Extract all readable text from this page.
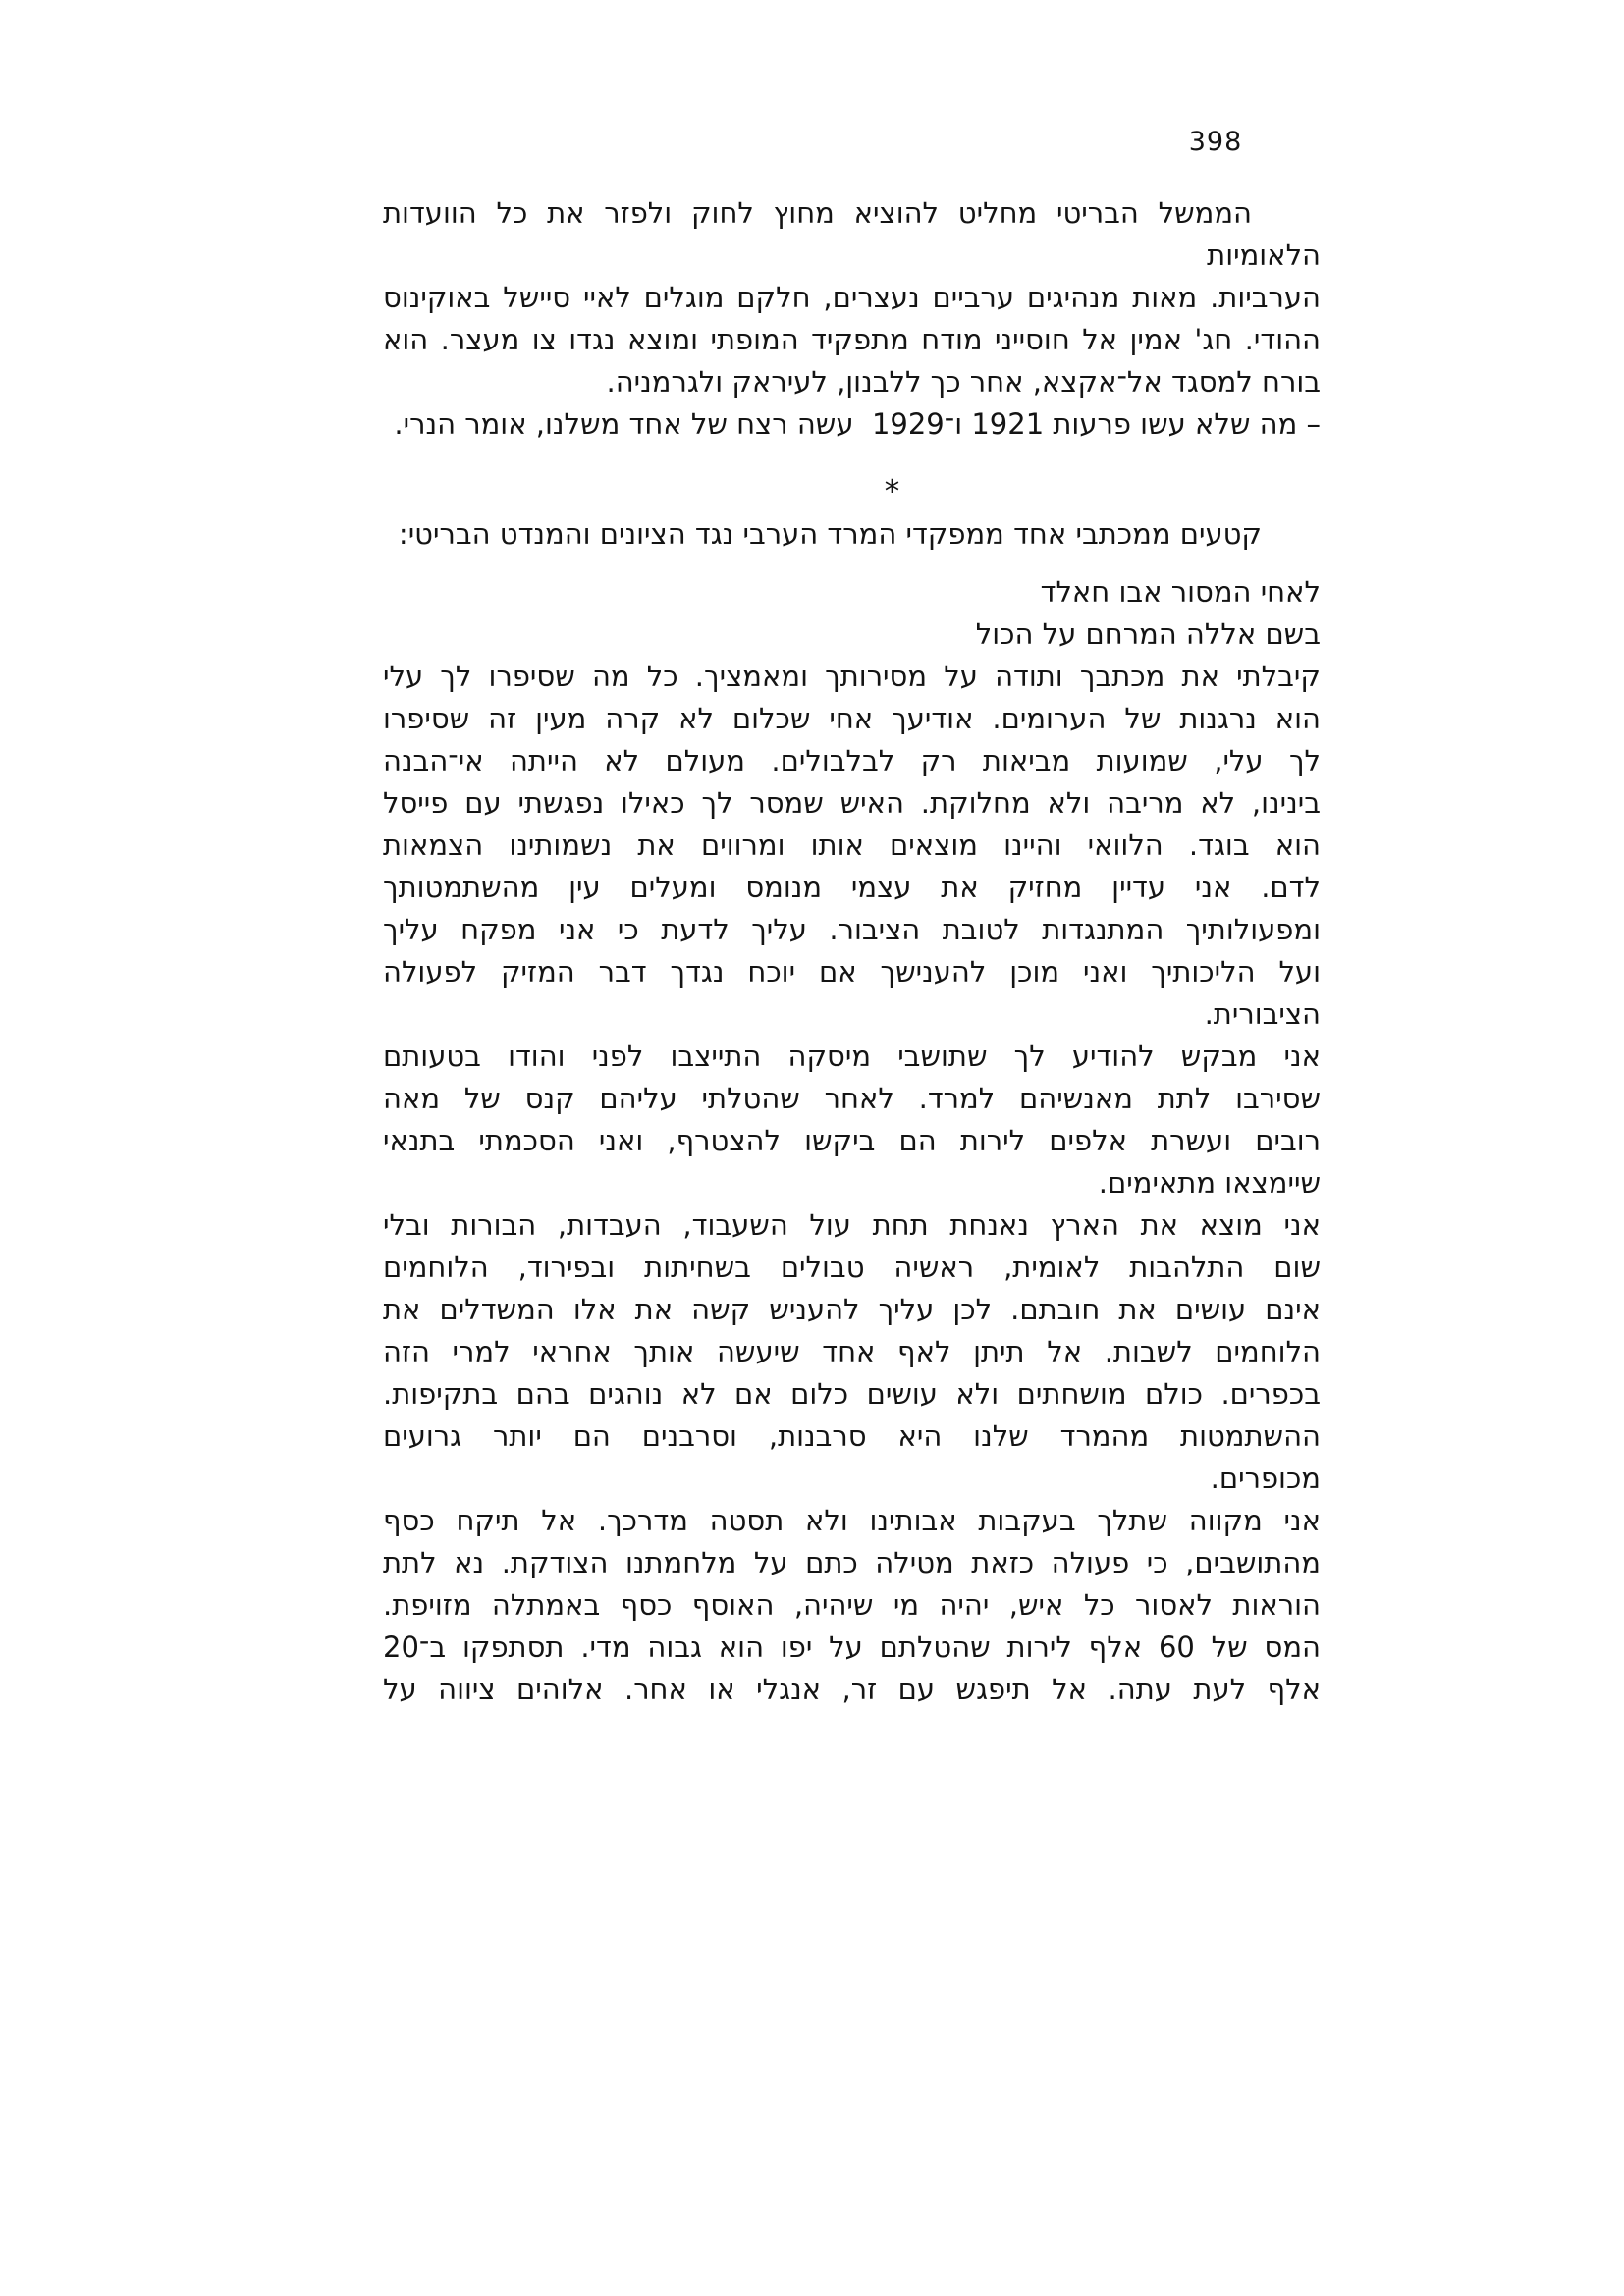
398
הממשל הבריטי מחליט להוציא מחוץ לחוק ולפזר את כל הוועדות הלאומיות
הערביות. מאות מנהיגים ערביים נעצרים, חלקם מוגלים לאיי סיישל באוקינוס
ההודי. חג' אמין אל חוסייני מודח מתפקיד המופתי ומוצא נגדו צו מעצר. הוא
בורח למסגד אל־אקצא, אחר כך ללבנון, לעיראק ולגרמניה.
– מה שלא עשו פרעות 1921 ו־1929  עשה רצח של אחד משלנו, אומר הנרי.
*
קטעים ממכתבי אחד ממפקדי המרד הערבי נגד הציונים והמנדט הבריטי:
לאחי המסור אבו חאלד
בשם אללה המרחם על הכול
קיבלתי את מכתבך ותודה על מסירותך ומאמציך. כל מה שסיפרו לך עלי
הוא נרגנות של הערומים. אודיעך אחי שכלום לא קרה מעין זה שסיפרו
לך עלי, שמועות מביאות רק לבלבולים. מעולם לא הייתה אי־הבנה
בינינו, לא מריבה ולא מחלוקת. האיש שמסר לך כאילו נפגשתי עם פייסל
הוא בוגד. הלוואי והיינו מוצאים אותו ומרווים את נשמותינו הצמאות
לדם. אני עדיין מחזיק את עצמי מנומס ומעלים עין מהשתמטותך
ומפעולותיך המתנגדות לטובת הציבור. עליך לדעת כי אני מפקח עליך
ועל הליכותיך ואני מוכן להענישך אם יוכח נגדך דבר המזיק לפעולה
הציבורית.
אני מבקש להודיע לך שתושבי מיסקה התייצבו לפני והודו בטעותם
שסירבו לתת מאנשיהם למרד. לאחר שהטלתי עליהם קנס של מאה
רובים ועשרת אלפים לירות הם ביקשו להצטרף, ואני הסכמתי בתנאי
שיימצאו מתאימים.
אני מוצא את הארץ נאנחת תחת עול השעבוד, העבדות, הבורות ובלי
שום התלהבות לאומית, ראשיה טבולים בשחיתות ובפירוד, הלוחמים
אינם עושים את חובתם. לכן עליך להעניש קשה את אלו המשדלים את
הלוחמים לשבות. אל תיתן לאף אחד שיעשה אותך אחראי למרי הזה
בכפרים. כולם מושחתים ולא עושים כלום אם לא נוהגים בהם בתקיפות.
ההשתמטות מהמרד שלנו היא סרבנות, וסרבנים הם יותר גרועים
מכופרים.
אני מקווה שתלך בעקבות אבותינו ולא תסטה מדרכך. אל תיקח כסף
מהתושבים, כי פעולה כזאת מטילה כתם על מלחמתנו הצודקת. נא לתת
הוראות לאסור כל איש, יהיה מי שיהיה, האוסף כסף באמתלה מזויפת.
המס של 60 אלף לירות שהטלתם על יפו הוא גבוה מדי. תסתפקו ב־20
אלף לעת עתה. אל תיפגש עם זר, אנגלי או אחר. אלוהים ציווה על
